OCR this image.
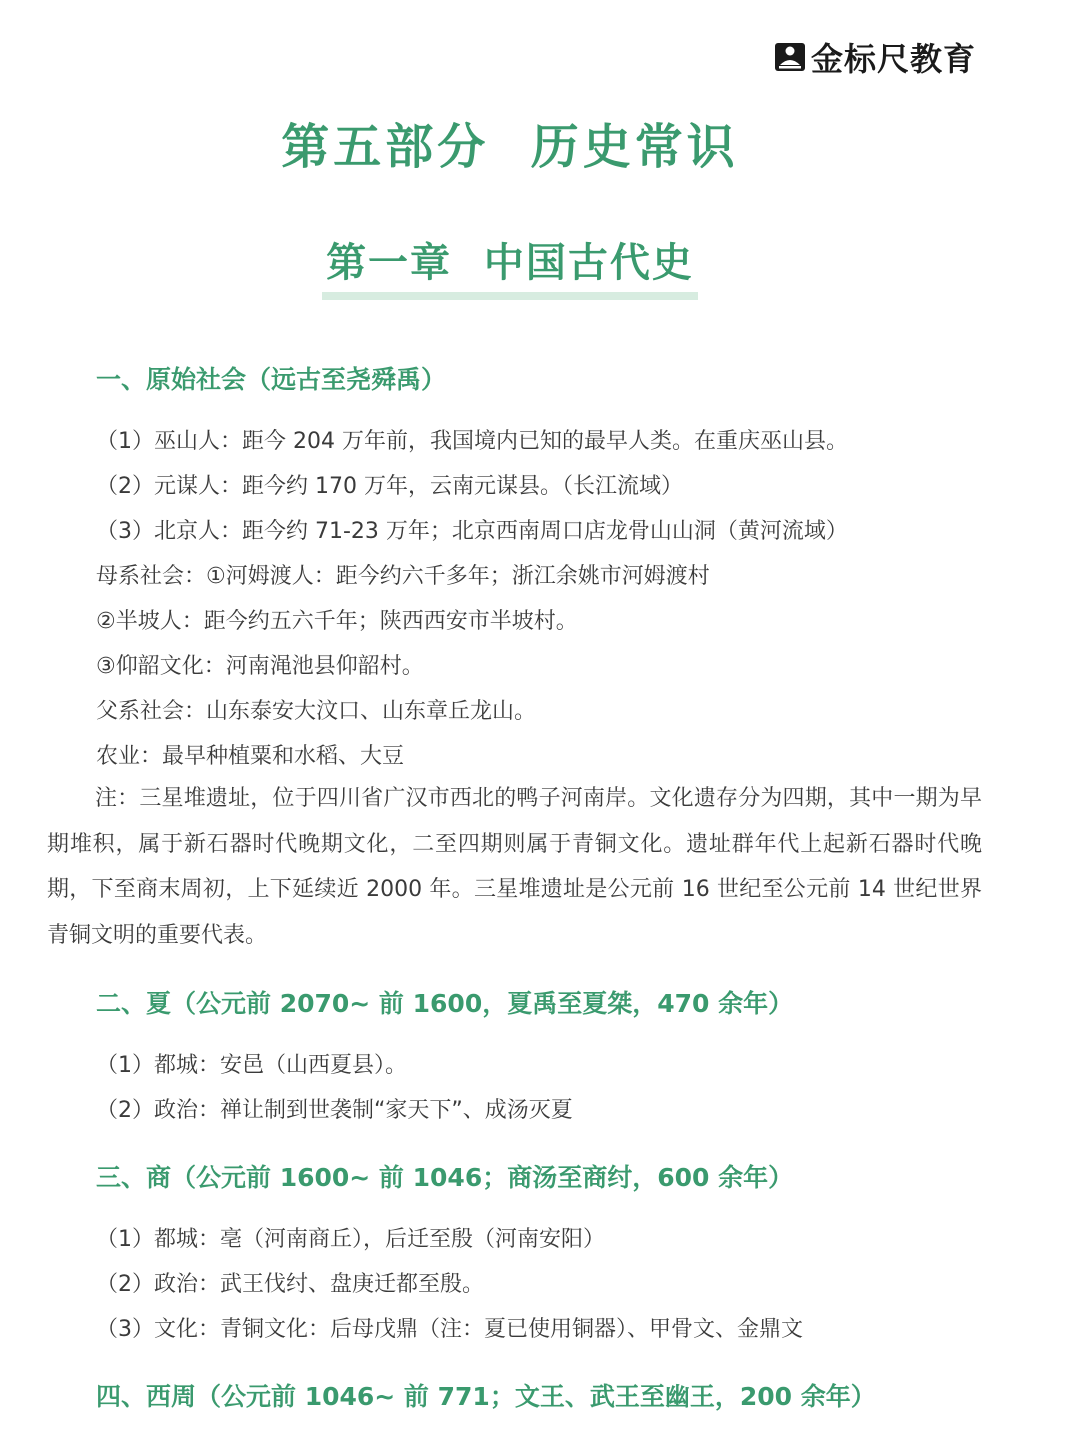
金标尺教育
第五部分  历史常识
第一章  中国古代史
一、原始社会（远古至尧舜禹）
（1）巫山人：距今 204 万年前，我国境内已知的最早人类。在重庆巫山县。
（2）元谋人：距今约 170 万年，云南元谋县。（长江流域）
（3）北京人：距今约 71-23 万年；北京西南周口店龙骨山山洞（黄河流域）
母系社会：①河姆渡人：距今约六千多年；浙江余姚市河姆渡村
②半坡人：距今约五六千年；陕西西安市半坡村。
③仰韶文化：河南渑池县仰韶村。
父系社会：山东泰安大汶口、山东章丘龙山。
农业：最早种植粟和水稻、大豆
注：三星堆遗址，位于四川省广汉市西北的鸭子河南岸。文化遗存分为四期，其中一期为早期堆积，属于新石器时代晚期文化，二至四期则属于青铜文化。遗址群年代上起新石器时代晚期，下至商末周初，上下延续近 2000 年。三星堆遗址是公元前 16 世纪至公元前 14 世纪世界青铜文明的重要代表。
二、夏（公元前 2070~ 前 1600，夏禹至夏桀，470 余年）
（1）都城：安邑（山西夏县）。
（2）政治：禅让制到世袭制“家天下”、成汤灭夏
三、商（公元前 1600~ 前 1046；商汤至商纣，600 余年）
（1）都城：亳（河南商丘），后迁至殷（河南安阳）
（2）政治：武王伐纣、盘庚迁都至殷。
（3）文化：青铜文化：后母戊鼎（注：夏已使用铜器）、甲骨文、金鼎文
四、西周（公元前 1046~ 前 771；文王、武王至幽王，200 余年）
